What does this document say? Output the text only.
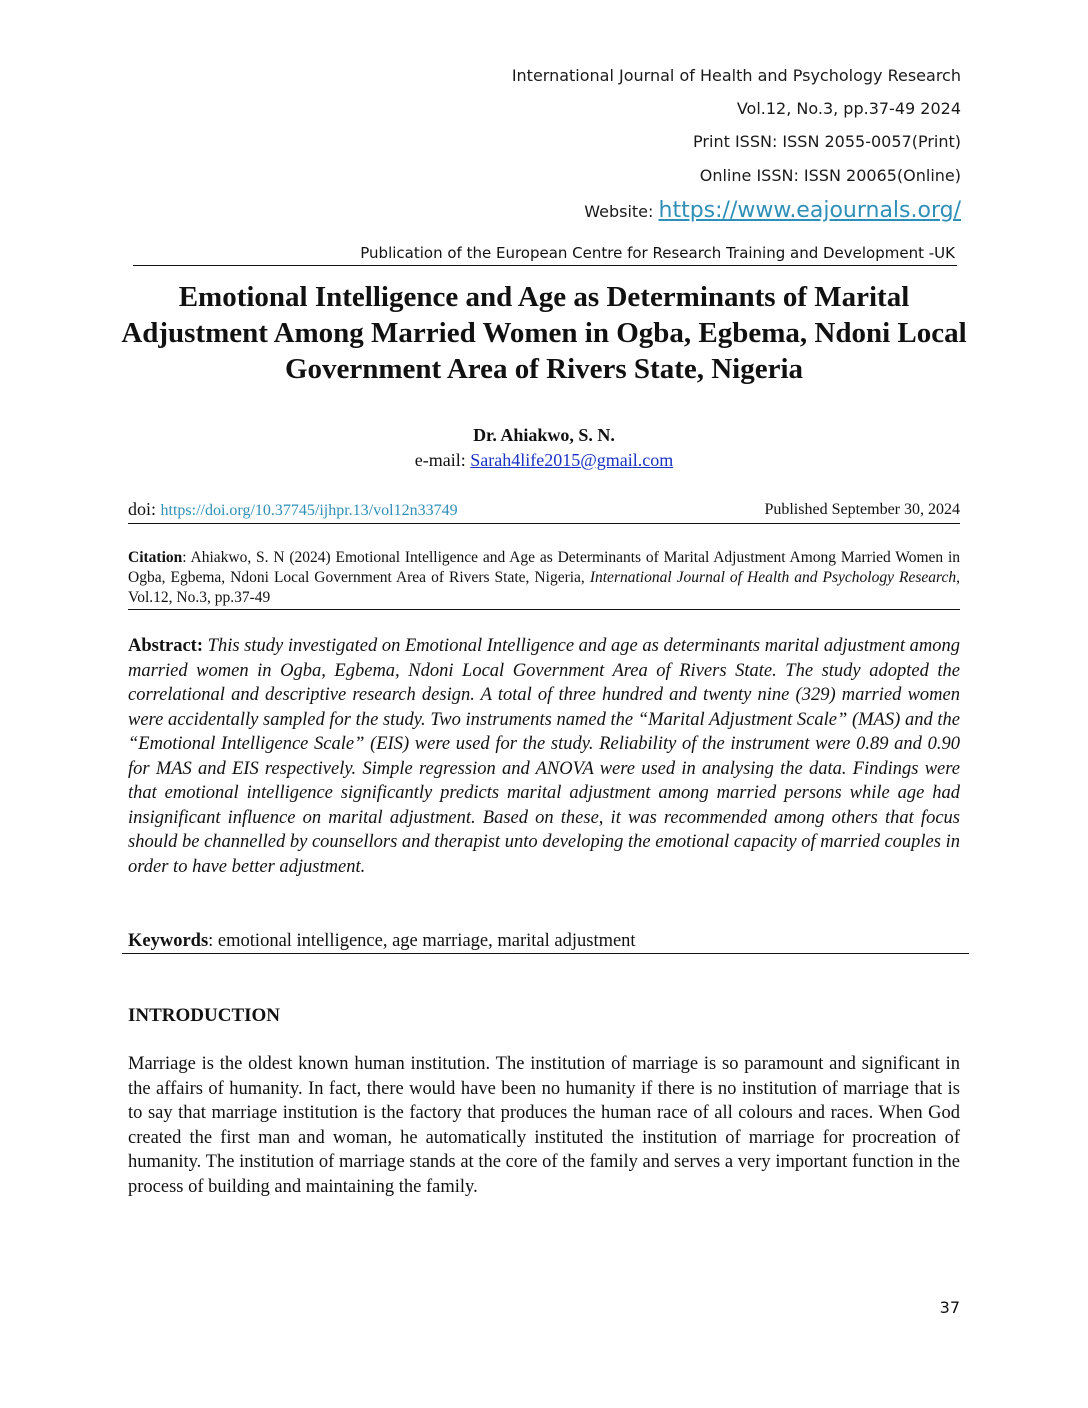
International Journal of Health and Psychology Research
Vol.12, No.3, pp.37-49 2024
Print ISSN: ISSN 2055-0057(Print)
Online ISSN: ISSN 20065(Online)
Website: https://www.eajournals.org/
Publication of the European Centre for Research Training and Development -UK
Emotional Intelligence and Age as Determinants of Marital Adjustment Among Married Women in Ogba, Egbema, Ndoni Local Government Area of Rivers State, Nigeria
Dr. Ahiakwo, S. N.
e-mail: Sarah4life2015@gmail.com
doi: https://doi.org/10.37745/ijhpr.13/vol12n33749	Published September 30, 2024
Citation: Ahiakwo, S. N (2024) Emotional Intelligence and Age as Determinants of Marital Adjustment Among Married Women in Ogba, Egbema, Ndoni Local Government Area of Rivers State, Nigeria, International Journal of Health and Psychology Research, Vol.12, No.3, pp.37-49
Abstract: This study investigated on Emotional Intelligence and age as determinants marital adjustment among married women in Ogba, Egbema, Ndoni Local Government Area of Rivers State. The study adopted the correlational and descriptive research design. A total of three hundred and twenty nine (329) married women were accidentally sampled for the study. Two instruments named the “Marital Adjustment Scale” (MAS) and the “Emotional Intelligence Scale” (EIS) were used for the study. Reliability of the instrument were 0.89 and 0.90 for MAS and EIS respectively. Simple regression and ANOVA were used in analysing the data. Findings were that emotional intelligence significantly predicts marital adjustment among married persons while age had insignificant influence on marital adjustment. Based on these, it was recommended among others that focus should be channelled by counsellors and therapist unto developing the emotional capacity of married couples in order to have better adjustment.
Keywords: emotional intelligence, age marriage, marital adjustment
INTRODUCTION
Marriage is the oldest known human institution. The institution of marriage is so paramount and significant in the affairs of humanity. In fact, there would have been no humanity if there is no institution of marriage that is to say that marriage institution is the factory that produces the human race of all colours and races. When God created the first man and woman, he automatically instituted the institution of marriage for procreation of humanity. The institution of marriage stands at the core of the family and serves a very important function in the process of building and maintaining the family.
37
